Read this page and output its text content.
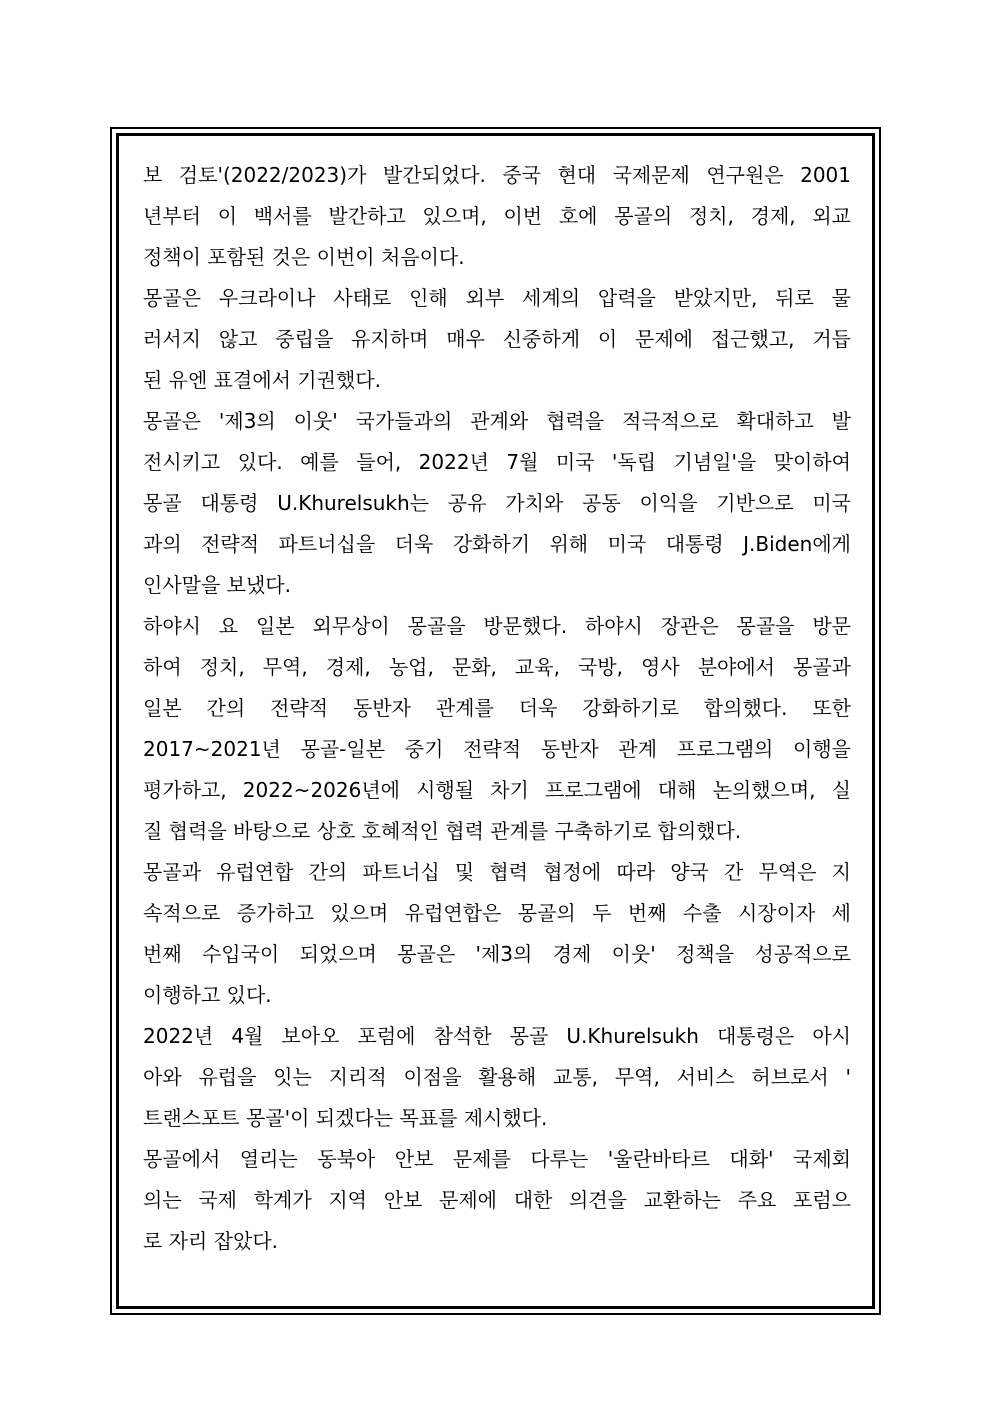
보 검토'(2022/2023)가 발간되었다. 중국 현대 국제문제 연구원은 2001
년부터 이 백서를 발간하고 있으며, 이번 호에 몽골의 정치, 경제, 외교
정책이 포함된 것은 이번이 처음이다.
몽골은 우크라이나 사태로 인해 외부 세계의 압력을 받았지만, 뒤로 물
러서지 않고 중립을 유지하며 매우 신중하게 이 문제에 접근했고, 거듭
된 유엔 표결에서 기권했다.
몽골은 '제3의 이웃' 국가들과의 관계와 협력을 적극적으로 확대하고 발
전시키고 있다. 예를 들어, 2022년 7월 미국 '독립 기념일'을 맞이하여
몽골 대통령 U.Khurelsukh는 공유 가치와 공동 이익을 기반으로 미국
과의 전략적 파트너십을 더욱 강화하기 위해 미국 대통령 J.Biden에게
인사말을 보냈다.
하야시 요 일본 외무상이 몽골을 방문했다. 하야시 장관은 몽골을 방문
하여 정치, 무역, 경제, 농업, 문화, 교육, 국방, 영사 분야에서 몽골과
일본 간의 전략적 동반자 관계를 더욱 강화하기로 합의했다. 또한
2017~2021년 몽골-일본 중기 전략적 동반자 관계 프로그램의 이행을
평가하고, 2022~2026년에 시행될 차기 프로그램에 대해 논의했으며, 실
질 협력을 바탕으로 상호 호혜적인 협력 관계를 구축하기로 합의했다.
몽골과 유럽연합 간의 파트너십 및 협력 협정에 따라 양국 간 무역은 지
속적으로 증가하고 있으며 유럽연합은 몽골의 두 번째 수출 시장이자 세
번째 수입국이 되었으며 몽골은 '제3의 경제 이웃' 정책을 성공적으로
이행하고 있다.
2022년 4월 보아오 포럼에 참석한 몽골 U.Khurelsukh 대통령은 아시
아와 유럽을 잇는 지리적 이점을 활용해 교통, 무역, 서비스 허브로서 '
트랜스포트 몽골'이 되겠다는 목표를 제시했다.
몽골에서 열리는 동북아 안보 문제를 다루는 '울란바타르 대화' 국제회
의는 국제 학계가 지역 안보 문제에 대한 의견을 교환하는 주요 포럼으
로 자리 잡았다.
